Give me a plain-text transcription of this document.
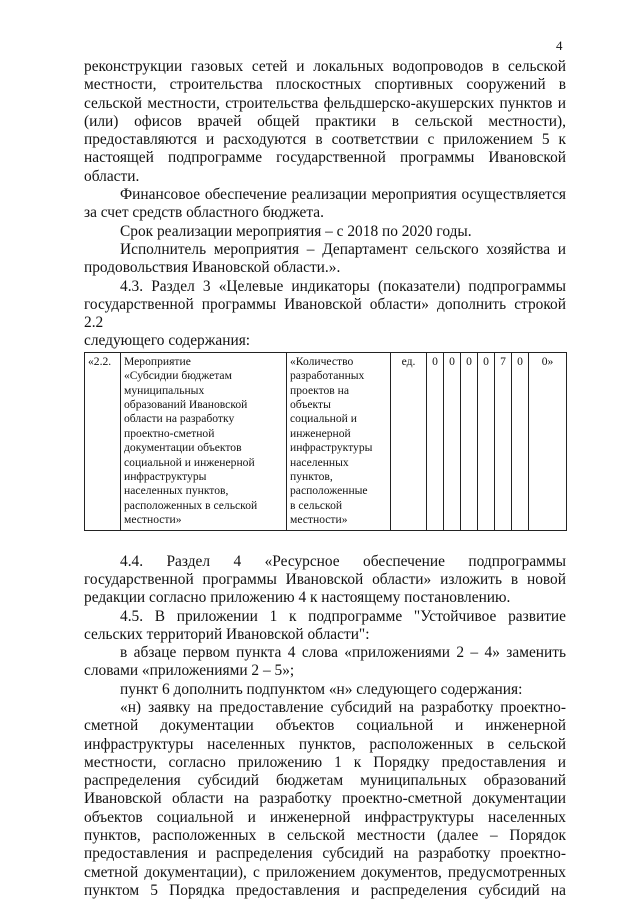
4

реконструкции газовых сетей и локальных водопроводов в сельской

местности, строительства плоскостных спортивных сооружений в

сельской местности, строительства фельдшерско-акушерских пунктов и

(или) офисов врачей общей практики в сельской местности),

предоставляются и расходуются в соответствии с приложением 5 к

настоящей подпрограмме государственной программы Ивановской

области.

Финансовое обеспечение реализации мероприятия осуществляется

за счет средств областного бюджета.

Срок реализации мероприятия – с 2018 по 2020 годы.

Исполнитель мероприятия – Департамент сельского хозяйства и

продовольствия Ивановской области.».

4.3. Раздел 3 «Целевые индикаторы (показатели) подпрограммы

государственной программы Ивановской области» дополнить строкой 2.2

следующего содержания:

«2.2.	Мероприятие
«Субсидии бюджетам
муниципальных
образований Ивановской
области на разработку
проектно-сметной
документации объектов
социальной и инженерной
инфраструктуры
населенных пунктов,
расположенных в сельской
местности»

«Количество
разработанных
проектов на
объекты
социальной и
инженерной
инфраструктуры
населенных
пунктов,
расположенные
в сельской
местности»
	ед.	0	0	0	0	7	0	0»

4.4. Раздел 4 «Ресурсное обеспечение подпрограммы

государственной программы Ивановской области» изложить в новой

редакции согласно приложению 4 к настоящему постановлению.

4.5. В приложении 1 к подпрограмме "Устойчивое развитие

сельских территорий Ивановской области":

в абзаце первом пункта 4 слова «приложениями 2 – 4» заменить

словами «приложениями 2 – 5»;

пункт 6 дополнить подпунктом «н» следующего содержания:

«н) заявку на предоставление субсидий на разработку проектно-

сметной документации объектов социальной и инженерной

инфраструктуры населенных пунктов, расположенных в сельской

местности, согласно приложению 1 к Порядку предоставления и

распределения субсидий бюджетам муниципальных образований

Ивановской области на разработку проектно-сметной документации

объектов социальной и инженерной инфраструктуры населенных

пунктов, расположенных в сельской местности (далее – Порядок

предоставления и распределения субсидий на разработку проектно-

сметной документации), с приложением документов, предусмотренных

пунктом 5 Порядка предоставления и распределения субсидий на
